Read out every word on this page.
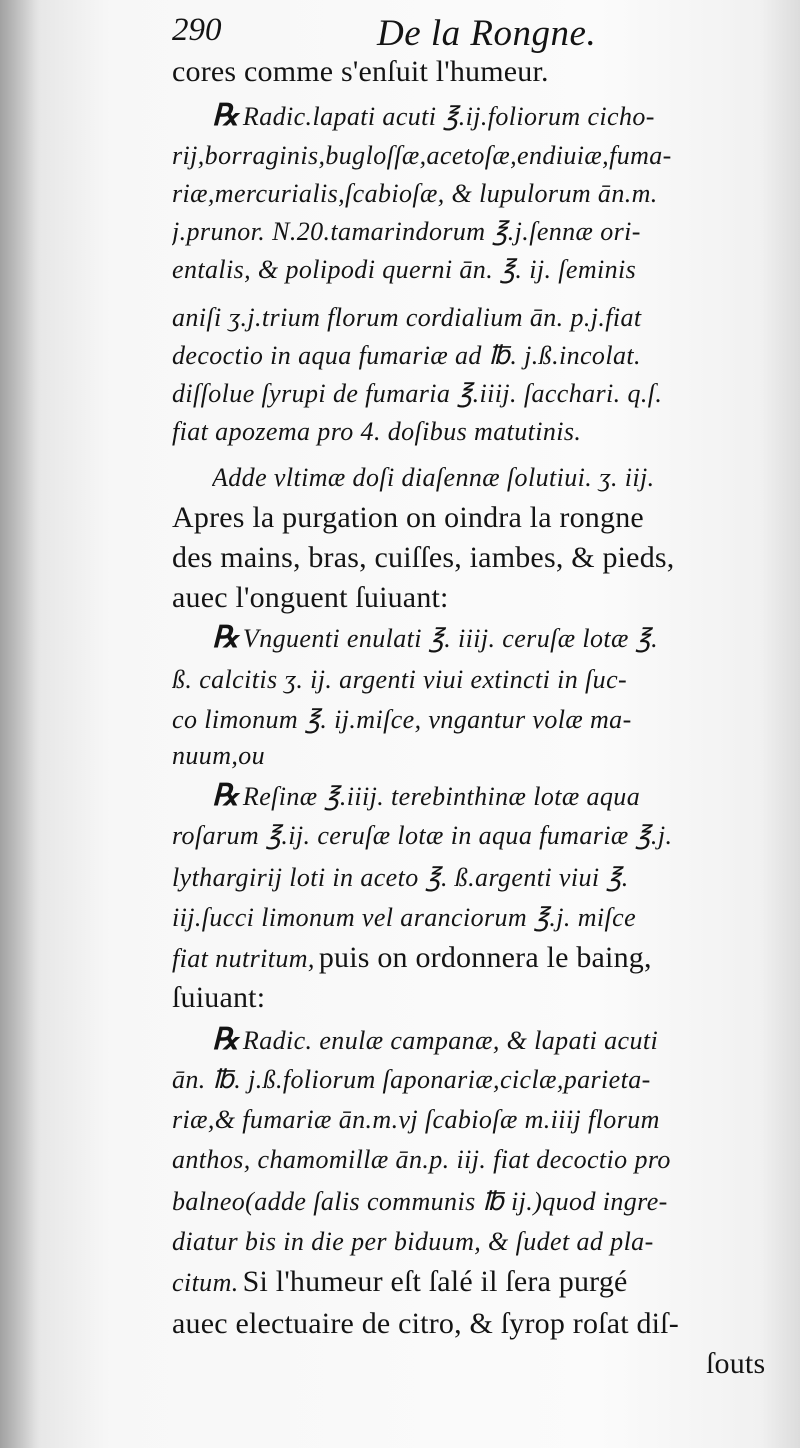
290	De la Rongne.
cores comme s'enſuit l'humeur.
℞ Radic.lapati acuti ℥.ij.foliorum cicho-
rij,borraginis,bugloſſæ,acetoſæ,endiuiæ,fuma-
riæ,mercurialis,ſcabioſæ, & lupulorum ān.m.
j.prunor. N.20.tamarindorum ℥.j.ſennæ ori-
entalis, & polipodi querni ān. ℥. ij. ſeminis
aniſi ʒ.j.trium florum cordialium ān. p.j.fiat
decoctio in aqua fumariæ ad ℔. j.ß.incolat.
diſſolue ſyrupi de fumaria ℥.iiij. ſacchari. q.ſ.
fiat apozema pro 4. doſibus matutinis.
Adde vltimæ doſi diaſennæ ſolutiui. ʒ. iij.
Apres la purgation on oindra la rongne
des mains, bras, cuiſſes, iambes, & pieds,
auec l'onguent ſuiuant:
℞ Vnguenti enulati ℥. iiij. ceruſæ lotæ ℥.
ß. calcitis ʒ. ij. argenti viui extincti in ſuc-
co limonum ℥. ij.miſce, vngantur volæ ma-
nuum,ou
℞ Reſinæ ℥.iiij. terebinthinæ lotæ aqua
roſarum ℥.ij. ceruſæ lotæ in aqua fumariæ ℥.j.
lythargirij loti in aceto ℥. ß.argenti viui ℥.
iij.ſucci limonum vel aranciorum ℥.j. miſce
fiat nutritum, puis on ordonnera le baing,
ſuiuant:
℞ Radic. enulæ campanæ, & lapati acuti
ān. ℔. j.ß.foliorum ſaponariæ,ciclæ,parieta-
riæ,& fumariæ ān.m.vj ſcabioſæ m.iiij florum
anthos, chamomillæ ān.p. iij. fiat decoctio pro
balneo(adde ſalis communis ℔ ij.)quod ingre-
diatur bis in die per biduum, & ſudet ad pla-
citum. Si l'humeur eſt ſalé il ſera purgé
auec electuaire de citro, & ſyrop roſat diſ-
ſouts
